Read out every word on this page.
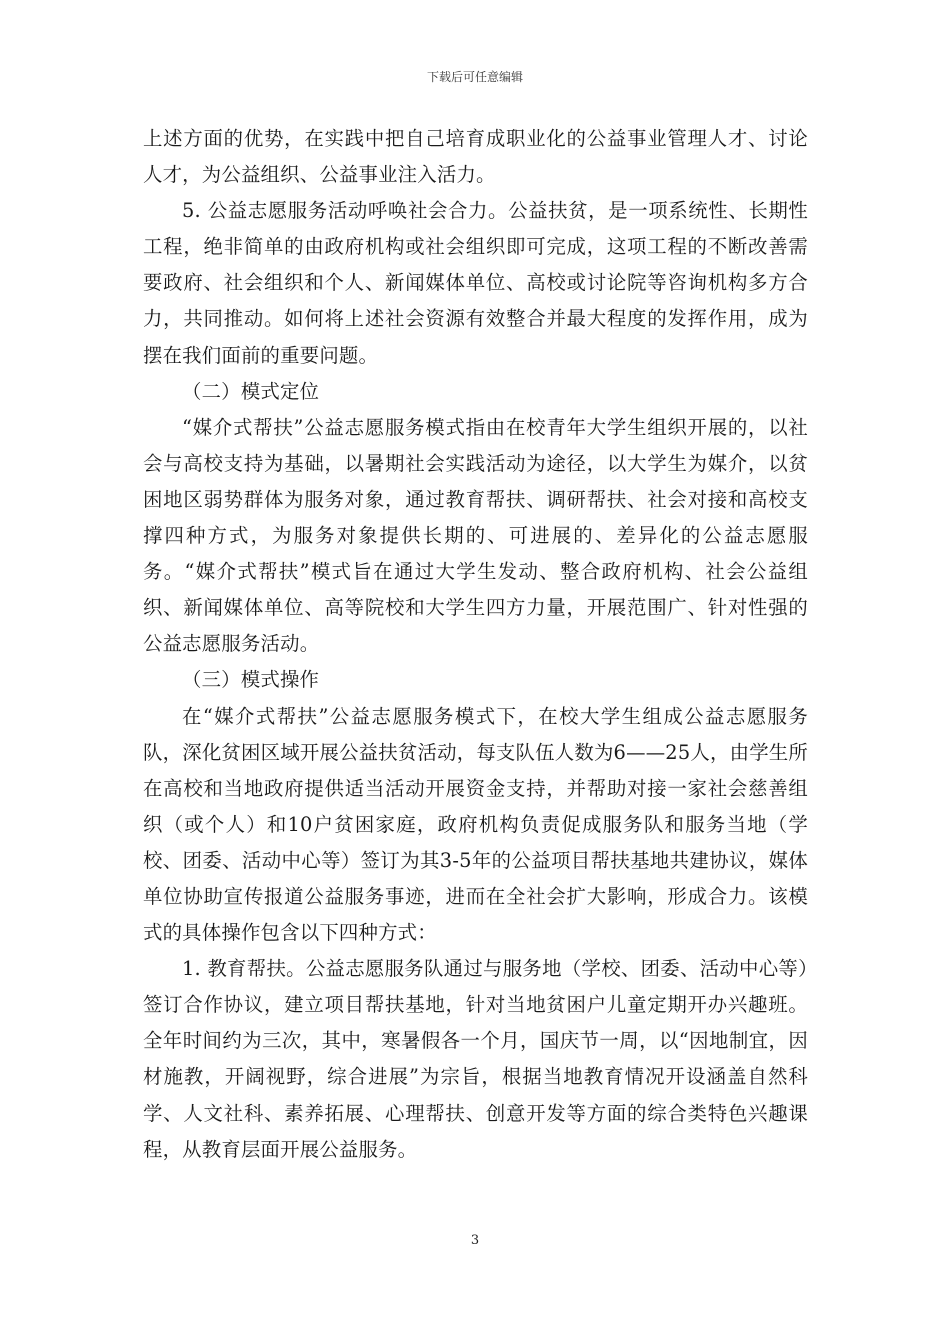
下载后可任意编辑

上述方面的优势，在实践中把自己培育成职业化的公益事业管理人才、讨论人才，为公益组织、公益事业注入活力。

5. 公益志愿服务活动呼唤社会合力。公益扶贫，是一项系统性、长期性工程，绝非简单的由政府机构或社会组织即可完成，这项工程的不断改善需要政府、社会组织和个人、新闻媒体单位、高校或讨论院等咨询机构多方合力，共同推动。如何将上述社会资源有效整合并最大程度的发挥作用，成为摆在我们面前的重要问题。

（二）模式定位

“媒介式帮扶”公益志愿服务模式指由在校青年大学生组织开展的，以社会与高校支持为基础，以暑期社会实践活动为途径，以大学生为媒介，以贫困地区弱势群体为服务对象，通过教育帮扶、调研帮扶、社会对接和高校支撑四种方式，为服务对象提供长期的、可进展的、差异化的公益志愿服务。“媒介式帮扶”模式旨在通过大学生发动、整合政府机构、社会公益组织、新闻媒体单位、高等院校和大学生四方力量，开展范围广、针对性强的公益志愿服务活动。

（三）模式操作

在“媒介式帮扶”公益志愿服务模式下，在校大学生组成公益志愿服务队，深化贫困区域开展公益扶贫活动，每支队伍人数为6——25人，由学生所在高校和当地政府提供适当活动开展资金支持，并帮助对接一家社会慈善组织（或个人）和10户贫困家庭，政府机构负责促成服务队和服务当地（学校、团委、活动中心等）签订为其3-5年的公益项目帮扶基地共建协议，媒体单位协助宣传报道公益服务事迹，进而在全社会扩大影响，形成合力。该模式的具体操作包含以下四种方式：

1. 教育帮扶。公益志愿服务队通过与服务地（学校、团委、活动中心等）签订合作协议，建立项目帮扶基地，针对当地贫困户儿童定期开办兴趣班。全年时间约为三次，其中，寒暑假各一个月，国庆节一周，以“因地制宜，因材施教，开阔视野，综合进展”为宗旨，根据当地教育情况开设涵盖自然科学、人文社科、素养拓展、心理帮扶、创意开发等方面的综合类特色兴趣课程，从教育层面开展公益服务。

3
